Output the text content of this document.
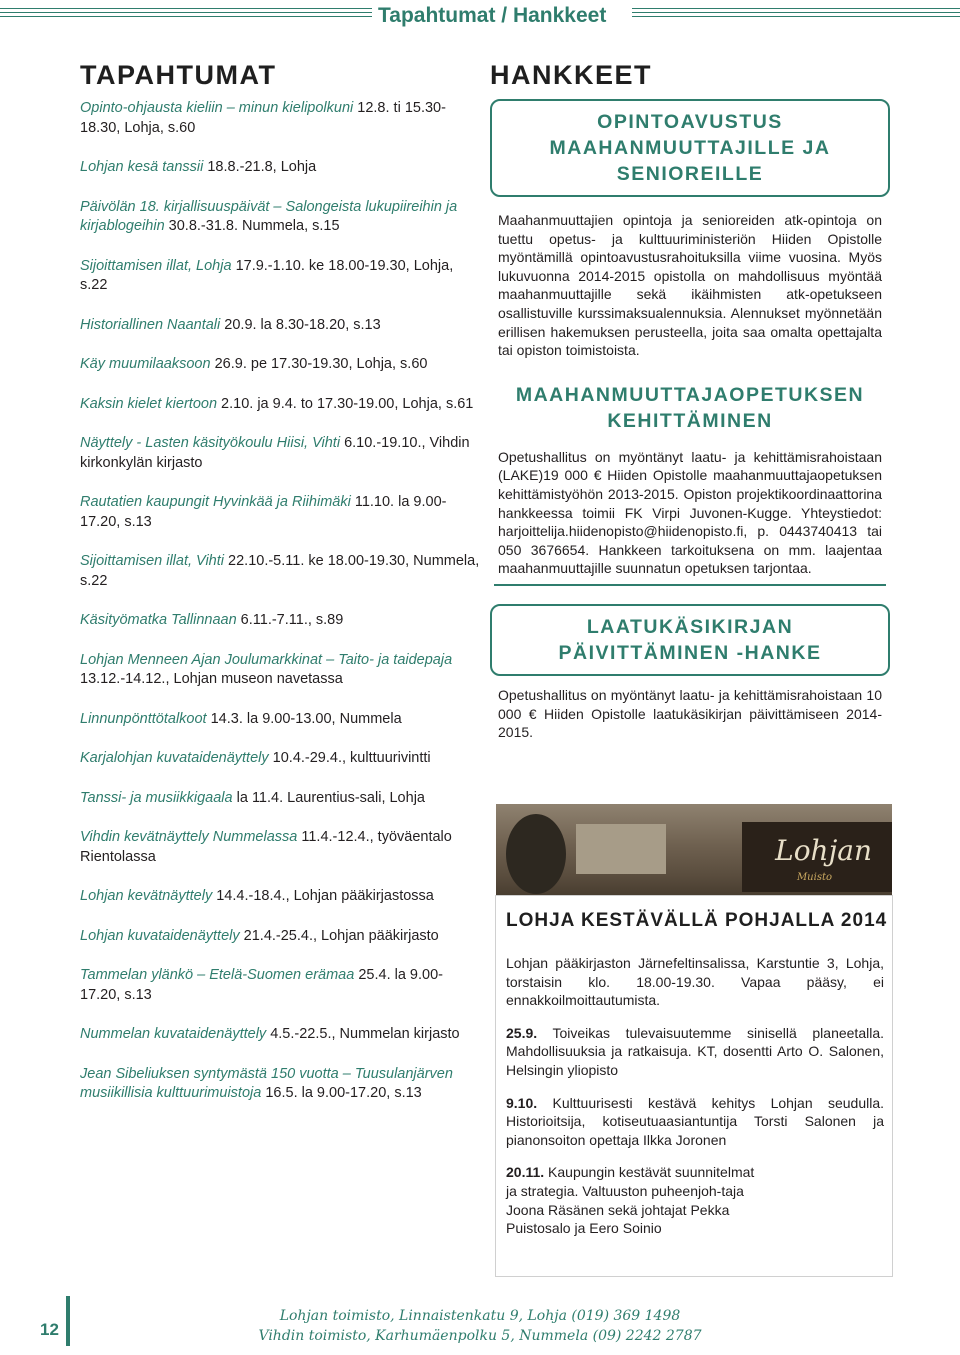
Tapahtumat / Hankkeet
TAPAHTUMAT
Opinto-ohjausta kieliin – minun kielipolkuni 12.8. ti 15.30-18.30, Lohja, s.60
Lohjan kesä tanssii 18.8.-21.8, Lohja
Päivölän 18. kirjallisuuspäivät – Salongeista lukupiireihin ja kirjablogeihin 30.8.-31.8. Nummela, s.15
Sijoittamisen illat, Lohja 17.9.-1.10. ke 18.00-19.30, Lohja, s.22
Historiallinen Naantali 20.9. la 8.30-18.20, s.13
Käy muumilaaksoon 26.9. pe 17.30-19.30, Lohja, s.60
Kaksin kielet kiertoon 2.10. ja 9.4. to 17.30-19.00, Lohja, s.61
Näyttely - Lasten käsityökoulu Hiisi, Vihti 6.10.-19.10., Vihdin kirkonkylän kirjasto
Rautatien kaupungit Hyvinkää ja Riihimäki 11.10. la 9.00-17.20, s.13
Sijoittamisen illat, Vihti 22.10.-5.11. ke 18.00-19.30, Nummela, s.22
Käsityömatka Tallinnaan 6.11.-7.11., s.89
Lohjan Menneen Ajan Joulumarkkinat – Taito- ja taidepaja 13.12.-14.12., Lohjan museon navetassa
Linnunpönttötalkoot 14.3. la 9.00-13.00, Nummela
Karjalohjan kuvataidenäyttely 10.4.-29.4., kulttuurivintti
Tanssi- ja musiikkigaala la 11.4. Laurentius-sali, Lohja
Vihdin kevätnäyttely Nummelassa 11.4.-12.4., työväentalo Rientolassa
Lohjan kevätnäyttely 14.4.-18.4., Lohjan pääkirjastossa
Lohjan kuvataidenäyttely 21.4.-25.4., Lohjan pääkirjasto
Tammelan ylänkö – Etelä-Suomen erämaa 25.4. la 9.00-17.20, s.13
Nummelan kuvataidenäyttely 4.5.-22.5., Nummelan kirjasto
Jean Sibeliuksen syntymästä 150 vuotta – Tuusulanjärven musiikillisia kulttuurimuistoja 16.5. la 9.00-17.20, s.13
HANKKEET
OPINTOAVUSTUS MAAHANMUUTTAJILLE JA SENIOREILLE
Maahanmuuttajien opintoja ja senioreiden atk-opintoja on tuettu opetus- ja kulttuuriministeriön Hiiden Opistolle myöntämillä opintoavustusrahoituksilla viime vuosina. Myös lukuvuonna 2014-2015 opistolla on mahdollisuus myöntää maahanmuuttajille sekä ikäihmisten atk-opetukseen osallistuville kurssimaksualennuksia. Alennukset myönnetään erillisen hakemuksen perusteella, joita saa omalta opettajalta tai opiston toimistoista.
MAAHANMUUTTAJAOPETUKSEN KEHITTÄMINEN
Opetushallitus on myöntänyt laatu- ja kehittämisrahoistaan (LAKE)19 000 € Hiiden Opistolle maahanmuuttajaopetuksen kehittämistyöhön 2013-2015. Opiston projektikoordinaattorina hankkeessa toimii FK Virpi Juvonen-Kugge. Yhteystiedot: harjoittelija.hiidenopisto@hiidenopisto.fi, p. 0443740413 tai 050 3676654. Hankkeen tarkoituksena on mm. laajentaa maahanmuuttajille suunnatun opetuksen tarjontaa.
LAATUKÄSIKIRJAN PÄIVITTÄMINEN -HANKE
Opetushallitus on myöntänyt laatu- ja kehittämisrahoistaan 10 000 € Hiiden Opistolle laatukäsikirjan päivittämiseen 2014-2015.
Lohjan
Muisto
LOHJA KESTÄVÄLLÄ POHJALLA 2014

Lohjan pääkirjaston Järnefeltinsalissa, Karstuntie 3, Lohja, torstaisin klo. 18.00-19.30. Vapaa pääsy, ei ennakkoilmoittautumista.

25.9. Toiveikas tulevaisuutemme sinisellä planeetalla. Mahdollisuuksia ja ratkaisuja. KT, dosentti Arto O. Salonen, Helsingin yliopisto

9.10. Kulttuurisesti kestävä kehitys Lohjan seudulla. Historioitsija, kotiseutuaasiantuntija Torsti Salonen ja pianonsoiton opettaja Ilkka Joronen

20.11. Kaupungin kestävät suunnitelmat ja strategia. Valtuuston puheenjoh-taja Joona Räsänen sekä johtajat Pekka Puistosalo ja Eero Soinio

12
Lohjan toimisto, Linnaistenkatu 9, Lohja (019) 369 1498
Vihdin toimisto, Karhumäenpolku 5, Nummela (09) 2242 2787
